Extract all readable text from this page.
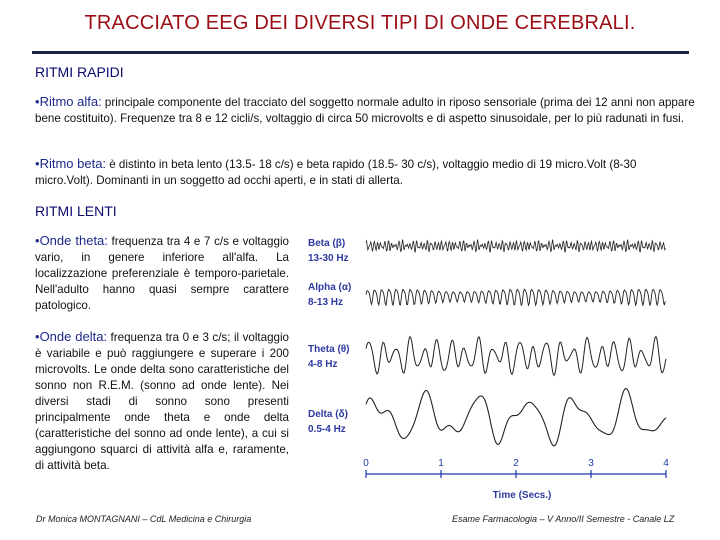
TRACCIATO EEG DEI DIVERSI TIPI DI ONDE CEREBRALI.
RITMI RAPIDI
•Ritmo alfa: principale componente del tracciato del soggetto normale adulto in riposo sensoriale (prima dei 12 anni non appare bene costituito). Frequenze tra 8 e 12 cicli/s, voltaggio di circa 50 microvolts e di aspetto sinusoidale, per lo più radunati in fusi.
•Ritmo beta: è distinto in beta lento (13.5- 18 c/s) e beta rapido (18.5- 30 c/s), voltaggio medio di 19 micro.Volt (8-30 micro.Volt). Dominanti in un soggetto ad occhi aperti, e in stati di allerta.
RITMI LENTI
•Onde theta: frequenza tra 4 e 7 c/s e voltaggio vario, in genere inferiore all'alfa. La localizzazione preferenziale è temporo-parietale. Nell'adulto hanno quasi sempre carattere patologico.
•Onde delta: frequenza tra 0 e 3 c/s; il voltaggio è variabile e può raggiungere e superare i 200 microvolts. Le onde delta sono caratteristiche del sonno non R.E.M. (sonno ad onde lente). Nei diversi stadi di sonno sono presenti principalmente onde theta e onde delta (caratteristiche del sonno ad onde lente), a cui si aggiungono squarci di attività alfa e, raramente, di attività beta.
Beta (β)
13-30 Hz
Alpha (α)
8-13 Hz
Theta (θ)
4-8 Hz
Delta (δ)
0.5-4 Hz
0	1	2	3	4
Time (Secs.)
Dr Monica MONTAGNANI – CdL Medicina e Chirurgia	Esame Farmacologia – V Anno/II Semestre - Canale LZ
